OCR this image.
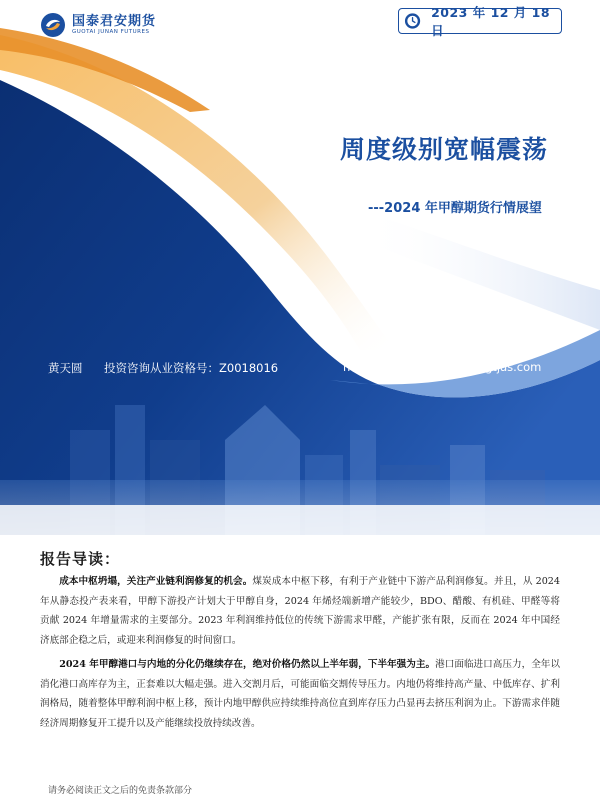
国泰君安期货
GUOTAI JUNAN FUTURES
2023 年 12 月 18 日
周度级别宽幅震荡
---2024 年甲醇期货行情展望
黄天圆 投资咨询从业资格号：Z0018016	huangtianyuan022594@gtjas.com
报告导读：

成本中枢坍塌，关注产业链利润修复的机会。煤炭成本中枢下移，有利于产业链中下游产品利润修复。并且，从 2024 年从静态投产表来看，甲醇下游投产计划大于甲醇自身，2024 年烯烃端新增产能较少，BDO、醋酸、有机硅、甲醛等将贡献 2024 年增量需求的主要部分。2023 年利润维持低位的传统下游需求甲醛，产能扩张有限，反而在 2024 年中国经济底部企稳之后，或迎来利润修复的时间窗口。

2024 年甲醇港口与内地的分化仍继续存在，绝对价格仍然以上半年弱，下半年强为主。港口面临进口高压力，全年以消化港口高库存为主，正套难以大幅走强。进入交割月后，可能面临交割传导压力。内地仍将维持高产量、中低库存、扩利润格局，随着整体甲醇利润中枢上移，预计内地甲醇供应持续维持高位直到库存压力凸显再去挤压利润为止。下游需求伴随经济周期修复开工提升以及产能继续投放持续改善。

请务必阅读正文之后的免责条款部分
